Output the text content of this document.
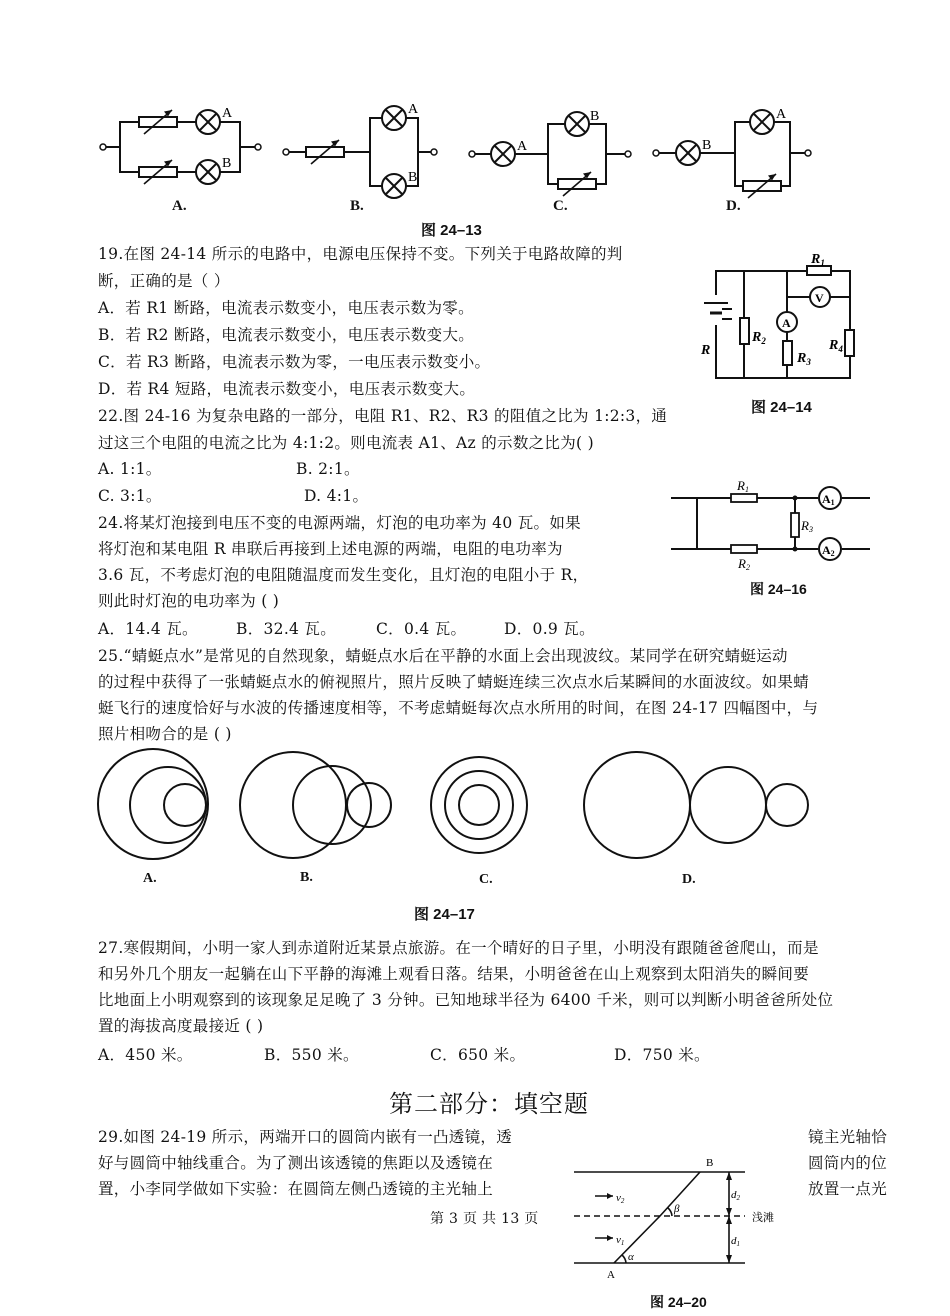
A
B
A
B
A
B
B
A
A.	B.	C.	D.
图 24–13
19.在图 24-14 所示的电路中，电源电压保持不变。下列关于电路故障的判
断，正确的是（ ）
A．若 R1 断路，电流表示数变小，电压表示数为零。
B．若 R2 断路，电流表示数变小，电压表示数变大。
C．若 R3 断路，电流表示数为零，一电压表示数变小。
D．若 R4 短路，电流表示数变小，电压表示数变大。
A
V
R
$R_2$
$R_1$
$R_3$
$R_4$
图 24–14
22.图 24-16 为复杂电路的一部分，电阻 R1、R2、R3 的阻值之比为 1:2:3，通
过这三个电阻的电流之比为 4:1:2。则电流表 A1、Az 的示数之比为( )
A. 1:1。	B. 2:1。
C. 3:1。	D. 4:1。	A1
A2
R1
R3
R2
图 24–16
24.将某灯泡接到电压不变的电源两端，灯泡的电功率为 40 瓦。如果
将灯泡和某电阻 R 串联后再接到上述电源的两端，电阻的电功率为
3.6 瓦，不考虑灯泡的电阻随温度而发生变化，且灯泡的电阻小于 R，
则此时灯泡的电功率为 ( )
A．14.4 瓦。 B．32.4 瓦。	C．0.4 瓦。 D．0.9 瓦。
25.“蜻蜓点水”是常见的自然现象，蜻蜓点水后在平静的水面上会出现波纹。某同学在研究蜻蜓运动
的过程中获得了一张蜻蜓点水的俯视照片，照片反映了蜻蜓连续三次点水后某瞬间的水面波纹。如果蜻
蜓飞行的速度恰好与水波的传播速度相等，不考虑蜻蜓每次点水所用的时间，在图 24-17 四幅图中，与
照片相吻合的是 ( )
A.	B.	C.	D.
图 24–17
27.寒假期间，小明一家人到赤道附近某景点旅游。在一个晴好的日子里，小明没有跟随爸爸爬山，而是
和另外几个朋友一起躺在山下平静的海滩上观看日落。结果，小明爸爸在山上观察到太阳消失的瞬间要
比地面上小明观察到的该现象足足晚了 3 分钟。已知地球半径为 6400 千米，则可以判断小明爸爸所处位
置的海拔高度最接近 ( )
A．450 米。	B．550 米。	C．650 米。	D．750 米。
第二部分：填空题
29.如图 24-19 所示，两端开口的圆筒内嵌有一凸透镜，透	镜主光轴恰
好与圆筒中轴线重合。为了测出该透镜的焦距以及透镜在	圆筒内的位
置，小李同学做如下实验：在圆筒左侧凸透镜的主光轴上	放置一点光
A
B
v2
v1
d2
d1
α
β
浅滩
图 24–20
第 3 页 共 13 页
